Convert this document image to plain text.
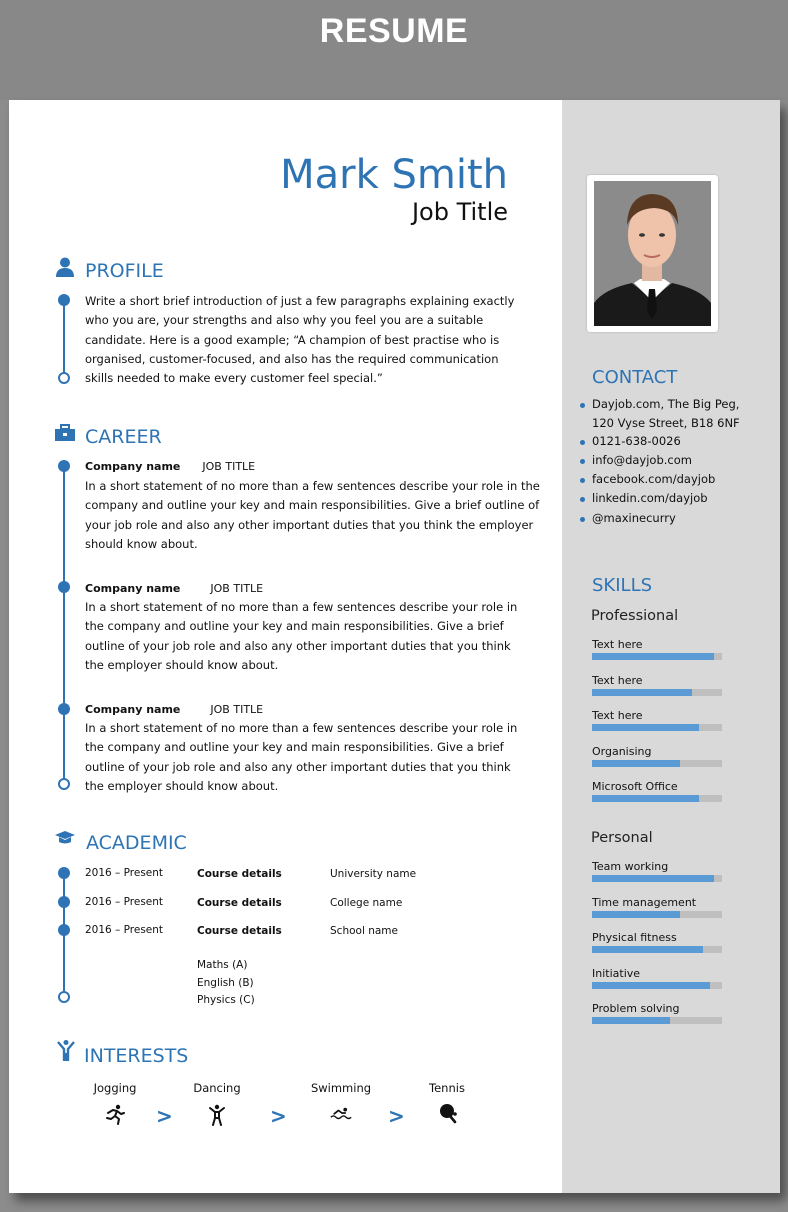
RESUME
Mark Smith
Job Title
PROFILE
Write a short brief introduction of just a few paragraphs explaining exactly
who you are, your strengths and also why you feel you are a suitable
candidate. Here is a good example; “A champion of best practise who is
organised, customer-focused, and also has the required communication
skills needed to make every customer feel special.”
CAREER
Company name JOB TITLE
In a short statement of no more than a few sentences describe your role in the
company and outline your key and main responsibilities. Give a brief outline of
your job role and also any other important duties that you think the employer
should know about.
Company name	JOB TITLE
In a short statement of no more than a few sentences describe your role in
the company and outline your key and main responsibilities. Give a brief
outline of your job role and also any other important duties that you think
the employer should know about.
Company name	JOB TITLE
In a short statement of no more than a few sentences describe your role in
the company and outline your key and main responsibilities. Give a brief
outline of your job role and also any other important duties that you think
the employer should know about.
ACADEMIC
2016 – Present	Course details	University name
2016 – Present	Course details	College name
2016 – Present	Course details	School name
Maths (A)
English (B)
Physics (C)
INTERESTS
Jogging	Dancing	Swimming	Tennis
>	>	>
CONTACT
Dayjob.com, The Big Peg,
120 Vyse Street, B18 6NF
0121-638-0026
info@dayjob.com
facebook.com/dayjob
linkedin.com/dayjob
@maxinecurry
SKILLS
Professional
Text here
Text here
Text here
Organising
Microsoft Office
Personal
Team working
Time management
Physical fitness
Initiative
Problem solving
